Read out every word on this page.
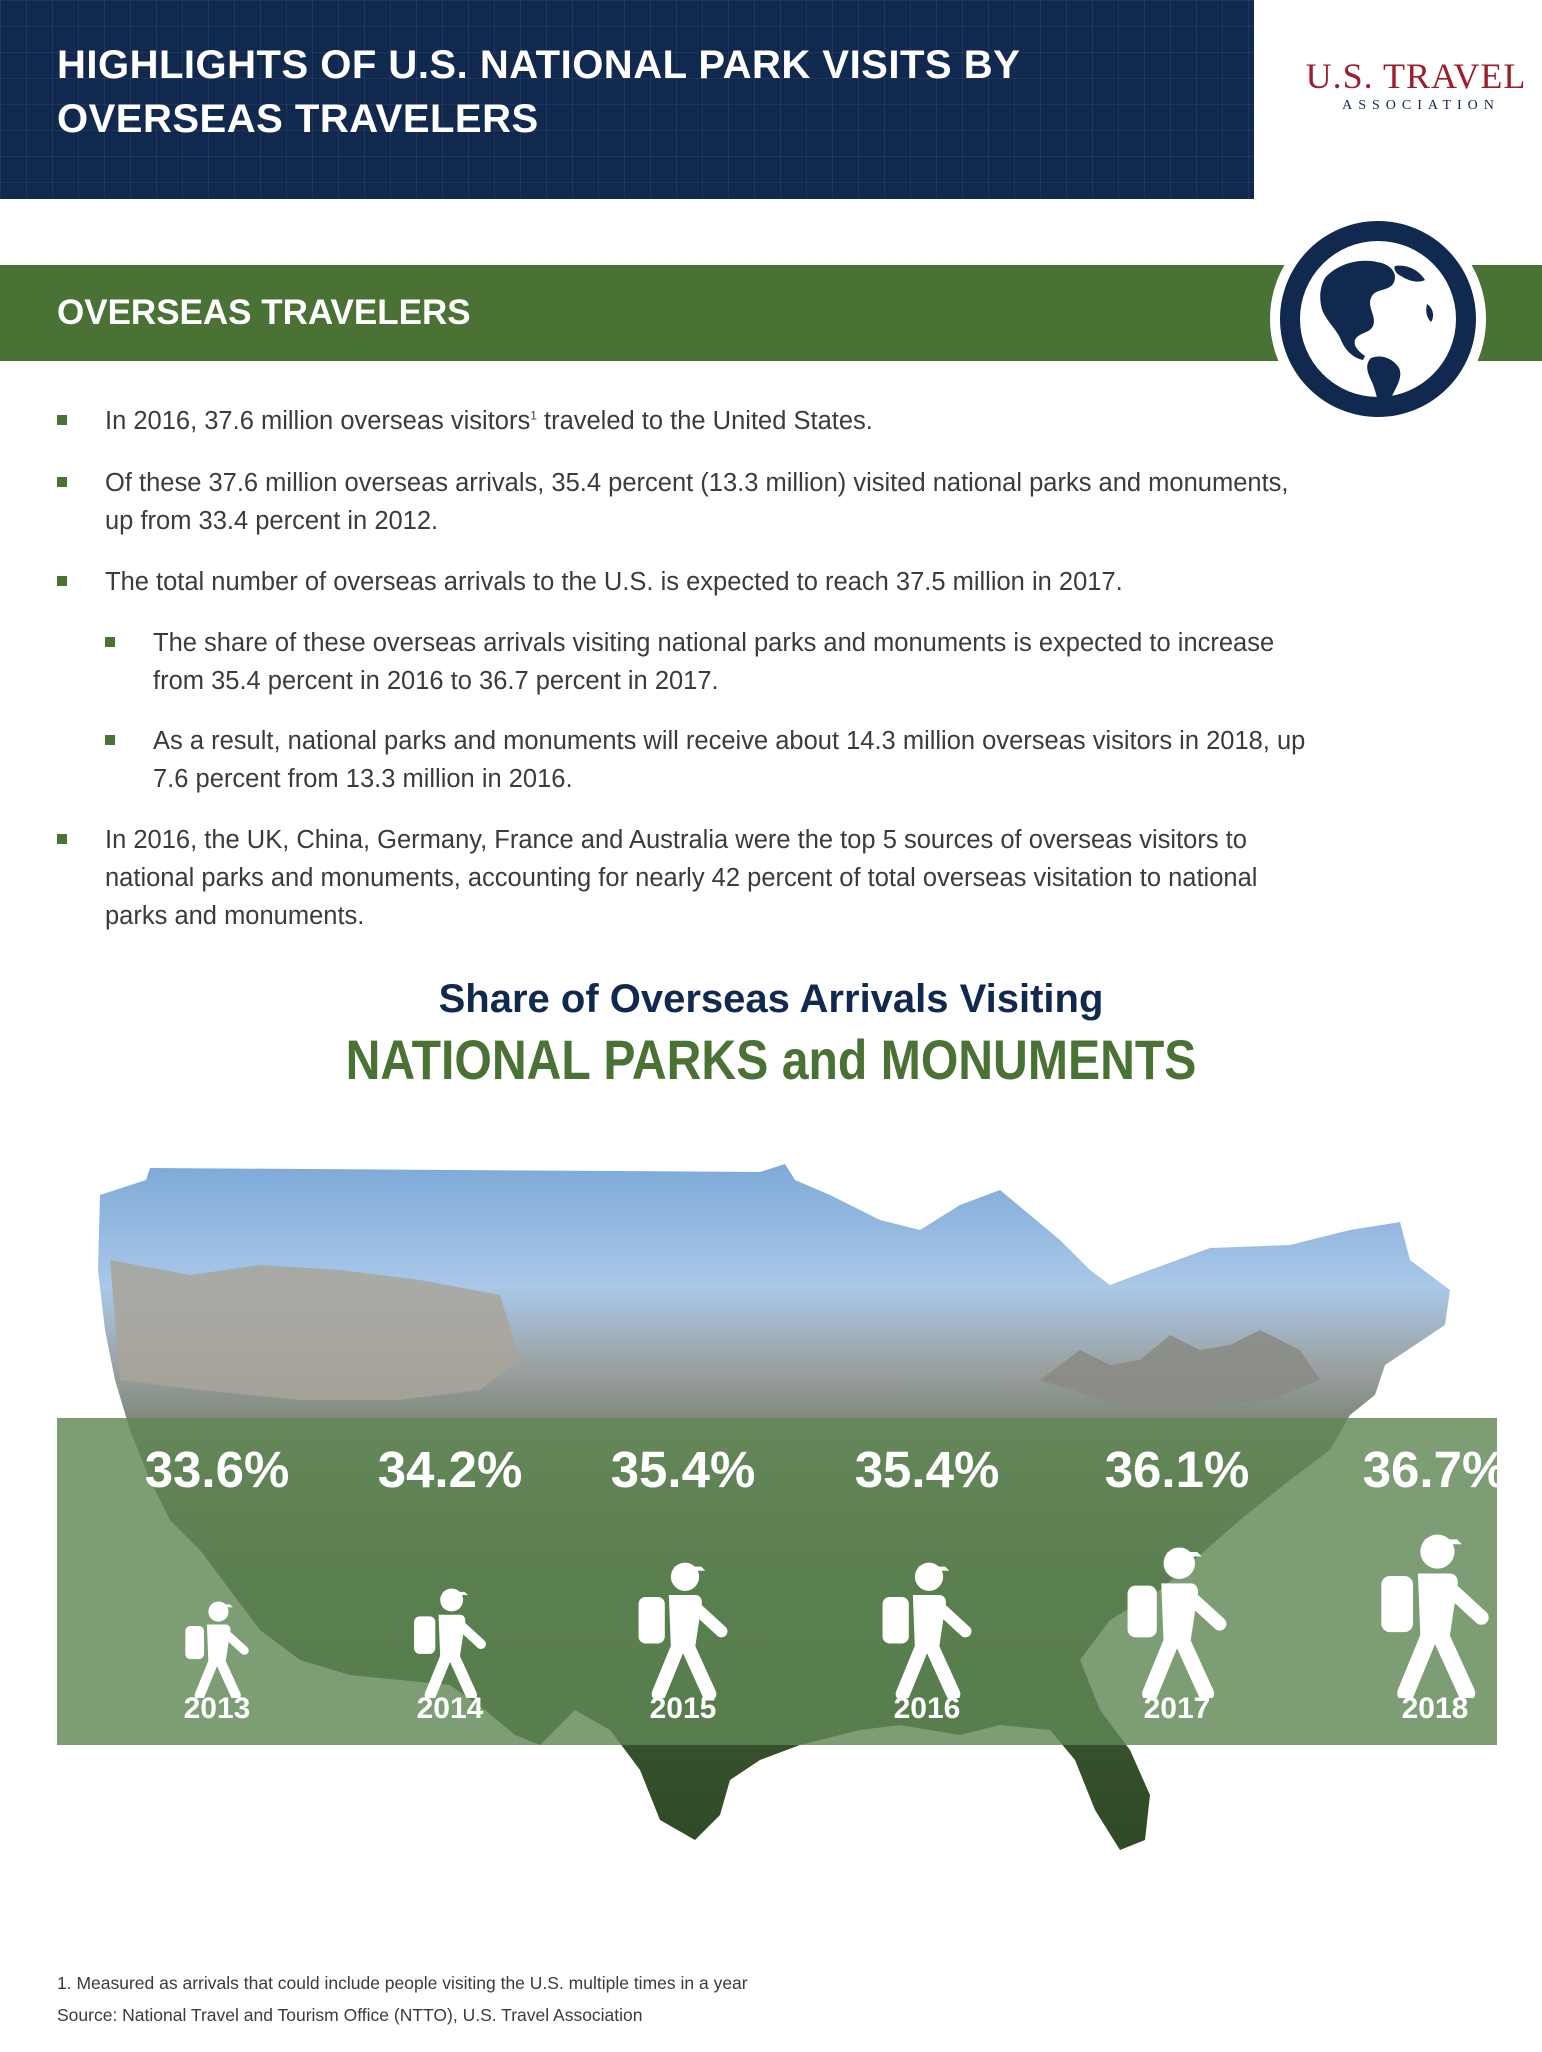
HIGHLIGHTS OF U.S. NATIONAL PARK VISITS BY
OVERSEAS TRAVELERS
U.S. TRAVEL
ASSOCIATION
OVERSEAS TRAVELERS
In 2016, 37.6 million overseas visitors$^1$ traveled to the United States.
Of these 37.6 million overseas arrivals, 35.4 percent (13.3 million) visited national parks and monuments,
up from 33.4 percent in 2012.
The total number of overseas arrivals to the U.S. is expected to reach 37.5 million in 2017.
The share of these overseas arrivals visiting national parks and monuments is expected to increase
from 35.4 percent in 2016 to 36.7 percent in 2017.
As a result, national parks and monuments will receive about 14.3 million overseas visitors in 2018, up
7.6 percent from 13.3 million in 2016.
In 2016, the UK, China, Germany, France and Australia were the top 5 sources of overseas visitors to
national parks and monuments, accounting for nearly 42 percent of total overseas visitation to national
parks and monuments.
Share of Overseas Arrivals Visiting
NATIONAL PARKS and MONUMENTS
33.6%
2013
34.2%
2014
35.4%
2015
35.4%
2016
36.1%
2017
36.7%
2018
1. Measured as arrivals that could include people visiting the U.S. multiple times in a year
Source: National Travel and Tourism Office (NTTO), U.S. Travel Association
